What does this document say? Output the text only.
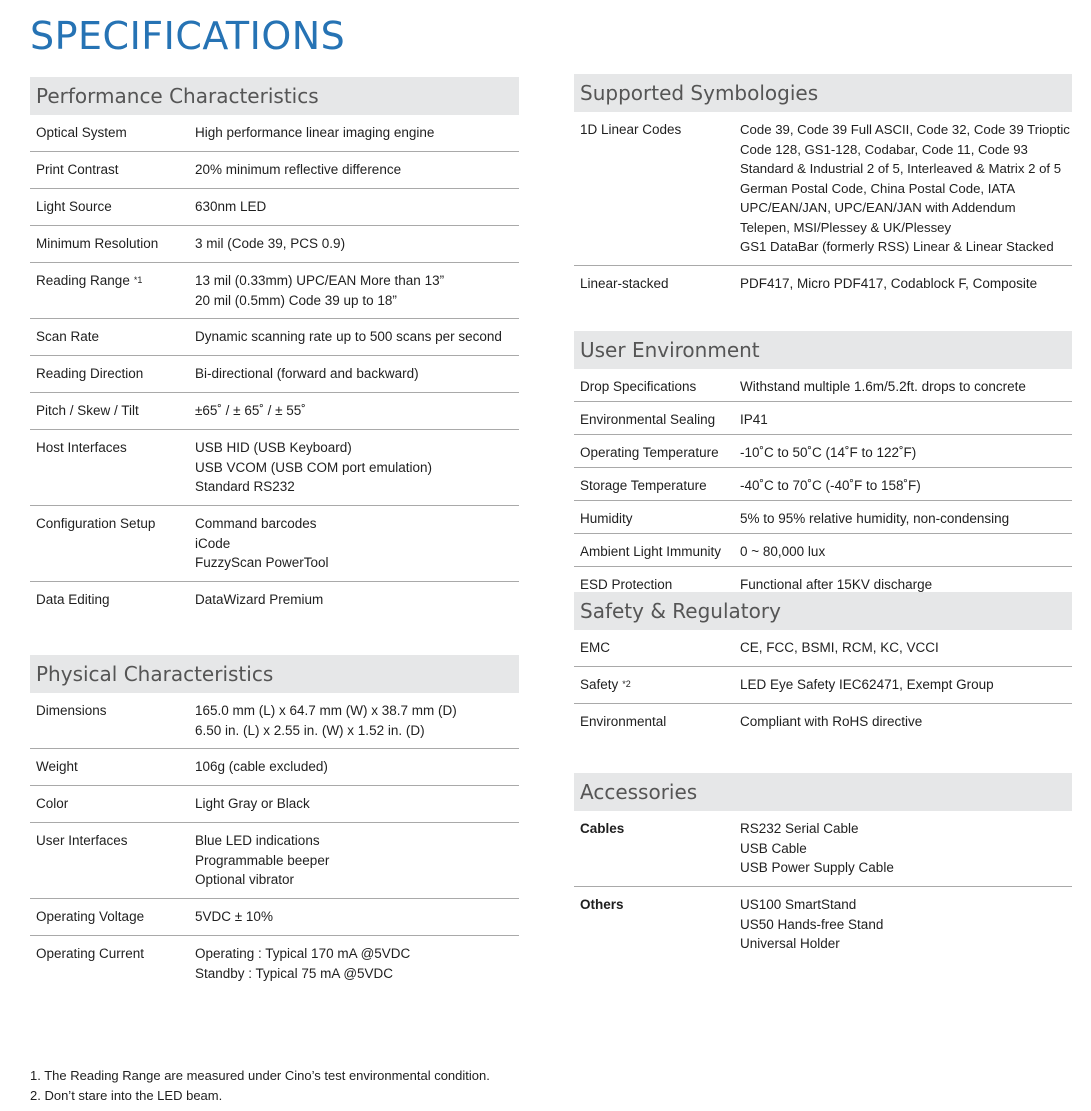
SPECIFICATIONS
Performance Characteristics
Optical System	High performance linear imaging engine
Print Contrast	20% minimum reflective difference
Light Source	630nm LED
Minimum Resolution	3 mil (Code 39, PCS 0.9)
Reading Range $^{*1}$	13 mil (0.33mm) UPC/EAN More than 13”
20 mil (0.5mm) Code 39 up to 18”
Scan Rate	Dynamic scanning rate up to 500 scans per second
Reading Direction	Bi-directional (forward and backward)
Pitch / Skew / Tilt	±65˚ / ± 65˚ / ± 55˚
Host Interfaces	USB HID (USB Keyboard)
USB VCOM (USB COM port emulation)
Standard RS232
Configuration Setup	Command barcodes
iCode
FuzzyScan PowerTool
Data Editing	DataWizard Premium
Physical Characteristics
Dimensions	165.0 mm (L) x 64.7 mm (W) x 38.7 mm (D)
6.50 in. (L) x 2.55 in. (W) x 1.52 in. (D)
Weight	106g (cable excluded)
Color	Light Gray or Black
User Interfaces	Blue LED indications
Programmable beeper
Optional vibrator
Operating Voltage	5VDC ± 10%
Operating Current	Operating : Typical 170 mA @5VDC
Standby : Typical 75 mA @5VDC
Supported Symbologies
1D Linear Codes	Code 39, Code 39 Full ASCII, Code 32, Code 39 Trioptic
Code 128, GS1-128, Codabar, Code 11, Code 93
Standard & Industrial 2 of 5, Interleaved & Matrix 2 of 5
German Postal Code, China Postal Code, IATA
UPC/EAN/JAN, UPC/EAN/JAN with Addendum
Telepen, MSI/Plessey & UK/Plessey
GS1 DataBar (formerly RSS) Linear & Linear Stacked
Linear-stacked	PDF417, Micro PDF417, Codablock F, Composite
User Environment
Drop Specifications	Withstand multiple 1.6m/5.2ft. drops to concrete
Environmental Sealing	IP41
Operating Temperature	-10˚C to 50˚C (14˚F to 122˚F)
Storage Temperature	-40˚C to 70˚C (-40˚F to 158˚F)
Humidity	5% to 95% relative humidity, non-condensing
Ambient Light Immunity	0 ~ 80,000 lux
ESD Protection	Functional after 15KV discharge
Safety & Regulatory
EMC	CE, FCC, BSMI, RCM, KC, VCCI
Safety $^{*2}$	LED Eye Safety IEC62471, Exempt Group
Environmental	Compliant with RoHS directive
Accessories
Cables	RS232 Serial Cable
USB Cable
USB Power Supply Cable
Others	US100 SmartStand
US50 Hands-free Stand
Universal Holder
1. The Reading Range are measured under Cino’s test environmental condition.
2. Don’t stare into the LED beam.
